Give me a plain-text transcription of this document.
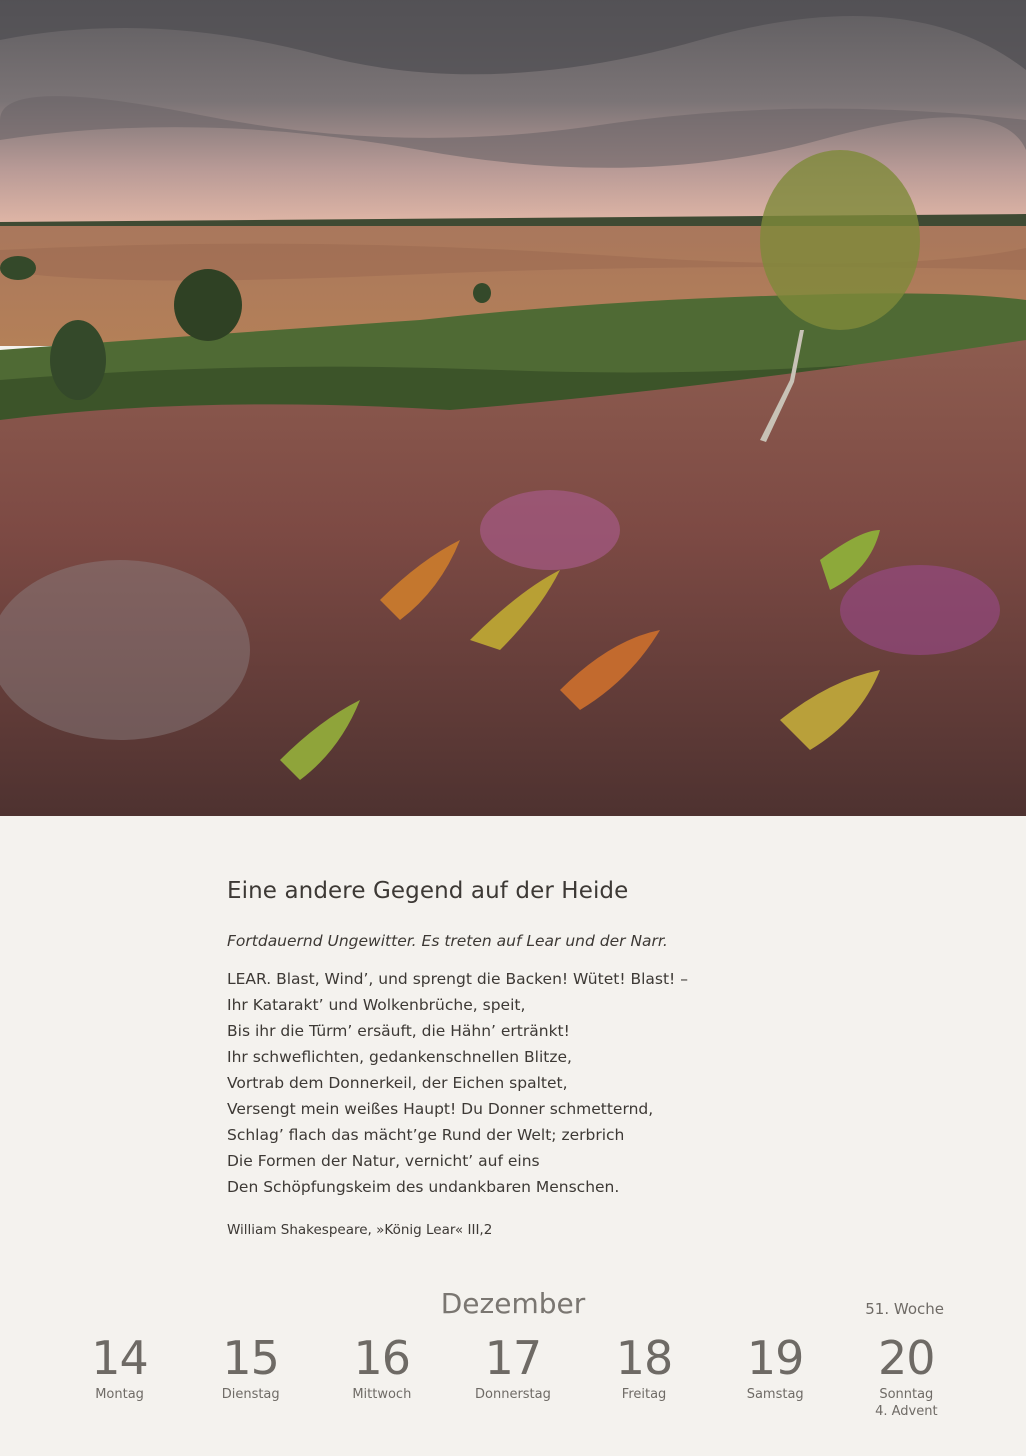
Eine andere Gegend auf der Heide

Fortdauernd Ungewitter. Es treten auf Lear und der Narr.

LEAR. Blast, Wind’, und sprengt die Backen! Wütet! Blast! –
Ihr Katarakt’ und Wolkenbrüche, speit,
Bis ihr die Türm’ ersäuft, die Hähn’ ertränkt!
Ihr schweflichten, gedankenschnellen Blitze,
Vortrab dem Donnerkeil, der Eichen spaltet,
Versengt mein weißes Haupt! Du Donner schmetternd,
Schlag’ flach das mächt’ge Rund der Welt; zerbrich
Die Formen der Natur, vernicht’ auf eins
Den Schöpfungskeim des undankbaren Menschen.

William Shakespeare, »König Lear« III,2

Dezember	51. Woche
14
Montag
15
Dienstag
16
Mittwoch
17
Donnerstag
18
Freitag
19
Samstag
20
Sonntag
4. Advent
